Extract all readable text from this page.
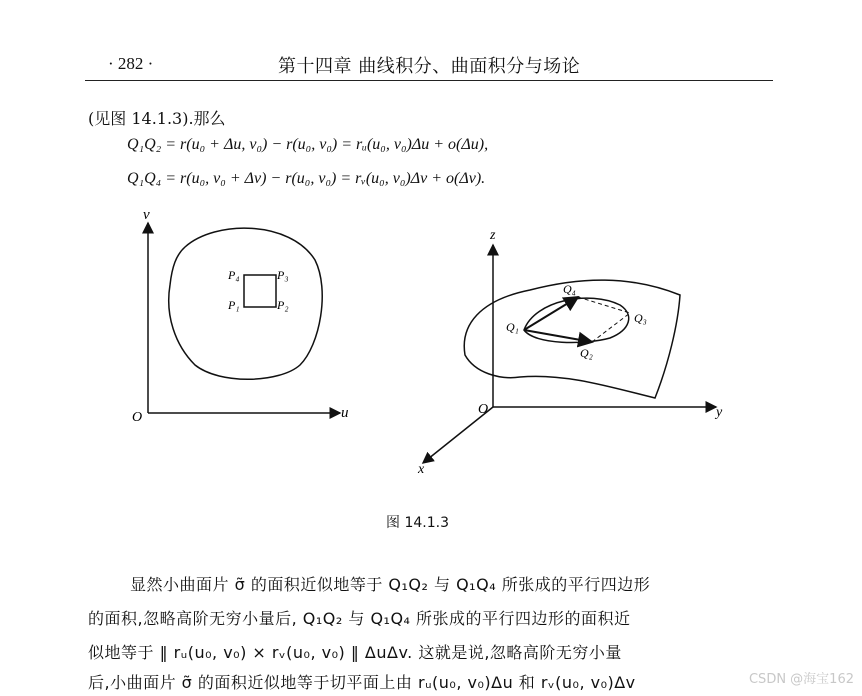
· 282 ·	第十四章 曲线积分、曲面积分与场论
(见图 14.1.3).那么
Q₁Q₂ = r(u₀ + Δu, v₀) − r(u₀, v₀) = rᵤ(u₀, v₀)Δu + o(Δu),
Q₁Q₄ = r(u₀, v₀ + Δv) − r(u₀, v₀) = rᵥ(u₀, v₀)Δv + o(Δv).
v
u
O
P₁	P₂
P₃
P₄
z
y
x
O
Q₁
Q₂
Q₃
Q₄
图 14.1.3
显然小曲面片 σ̃ 的面积近似地等于 Q₁Q₂ 与 Q₁Q₄ 所张成的平行四边形
的面积,忽略高阶无穷小量后, Q₁Q₂ 与 Q₁Q₄ 所张成的平行四边形的面积近
似地等于 ‖ rᵤ(u₀, v₀) × rᵥ(u₀, v₀) ‖ ΔuΔv. 这就是说,忽略高阶无穷小量
后,小曲面片 σ̃ 的面积近似地等于切平面上由 rᵤ(u₀, v₀)Δu 和 rᵥ(u₀, v₀)Δv	CSDN @海宝162
